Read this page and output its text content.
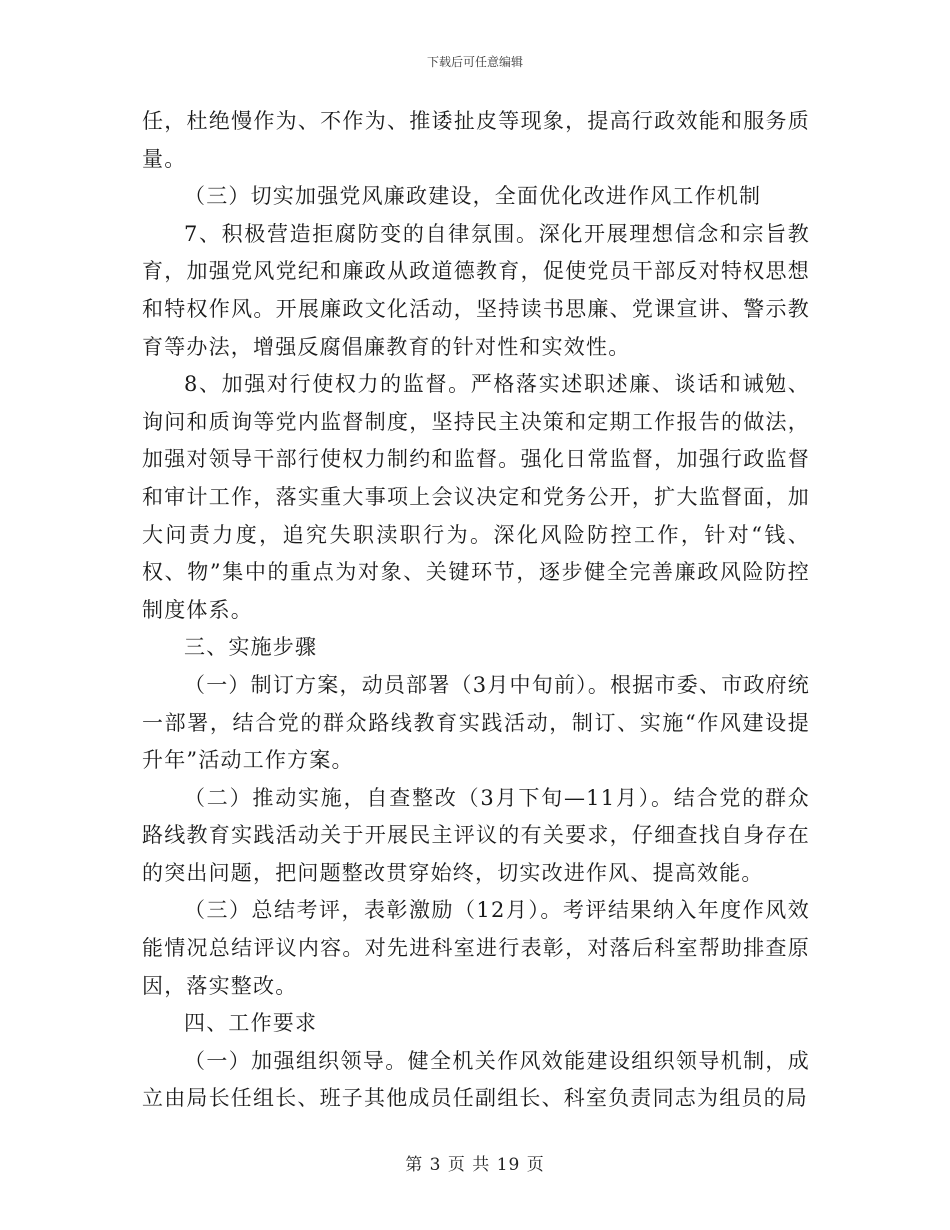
下载后可任意编辑

任，杜绝慢作为、不作为、推诿扯皮等现象，提高行政效能和服务质量。

（三）切实加强党风廉政建设，全面优化改进作风工作机制

7、积极营造拒腐防变的自律氛围。深化开展理想信念和宗旨教育，加强党风党纪和廉政从政道德教育，促使党员干部反对特权思想和特权作风。开展廉政文化活动，坚持读书思廉、党课宣讲、警示教育等办法，增强反腐倡廉教育的针对性和实效性。

8、加强对行使权力的监督。严格落实述职述廉、谈话和诫勉、询问和质询等党内监督制度，坚持民主决策和定期工作报告的做法，加强对领导干部行使权力制约和监督。强化日常监督，加强行政监督和审计工作，落实重大事项上会议决定和党务公开，扩大监督面，加大问责力度，追究失职渎职行为。深化风险防控工作，针对“钱、权、物”集中的重点为对象、关键环节，逐步健全完善廉政风险防控制度体系。

三、实施步骤

（一）制订方案，动员部署（3月中旬前）。根据市委、市政府统一部署，结合党的群众路线教育实践活动，制订、实施“作风建设提升年”活动工作方案。

（二）推动实施，自查整改（3月下旬—11月）。结合党的群众路线教育实践活动关于开展民主评议的有关要求，仔细查找自身存在的突出问题，把问题整改贯穿始终，切实改进作风、提高效能。

（三）总结考评，表彰激励（12月）。考评结果纳入年度作风效能情况总结评议内容。对先进科室进行表彰，对落后科室帮助排查原因，落实整改。

四、工作要求

（一）加强组织领导。健全机关作风效能建设组织领导机制，成立由局长任组长、班子其他成员任副组长、科室负责同志为组员的局

第 3 页 共 19 页
